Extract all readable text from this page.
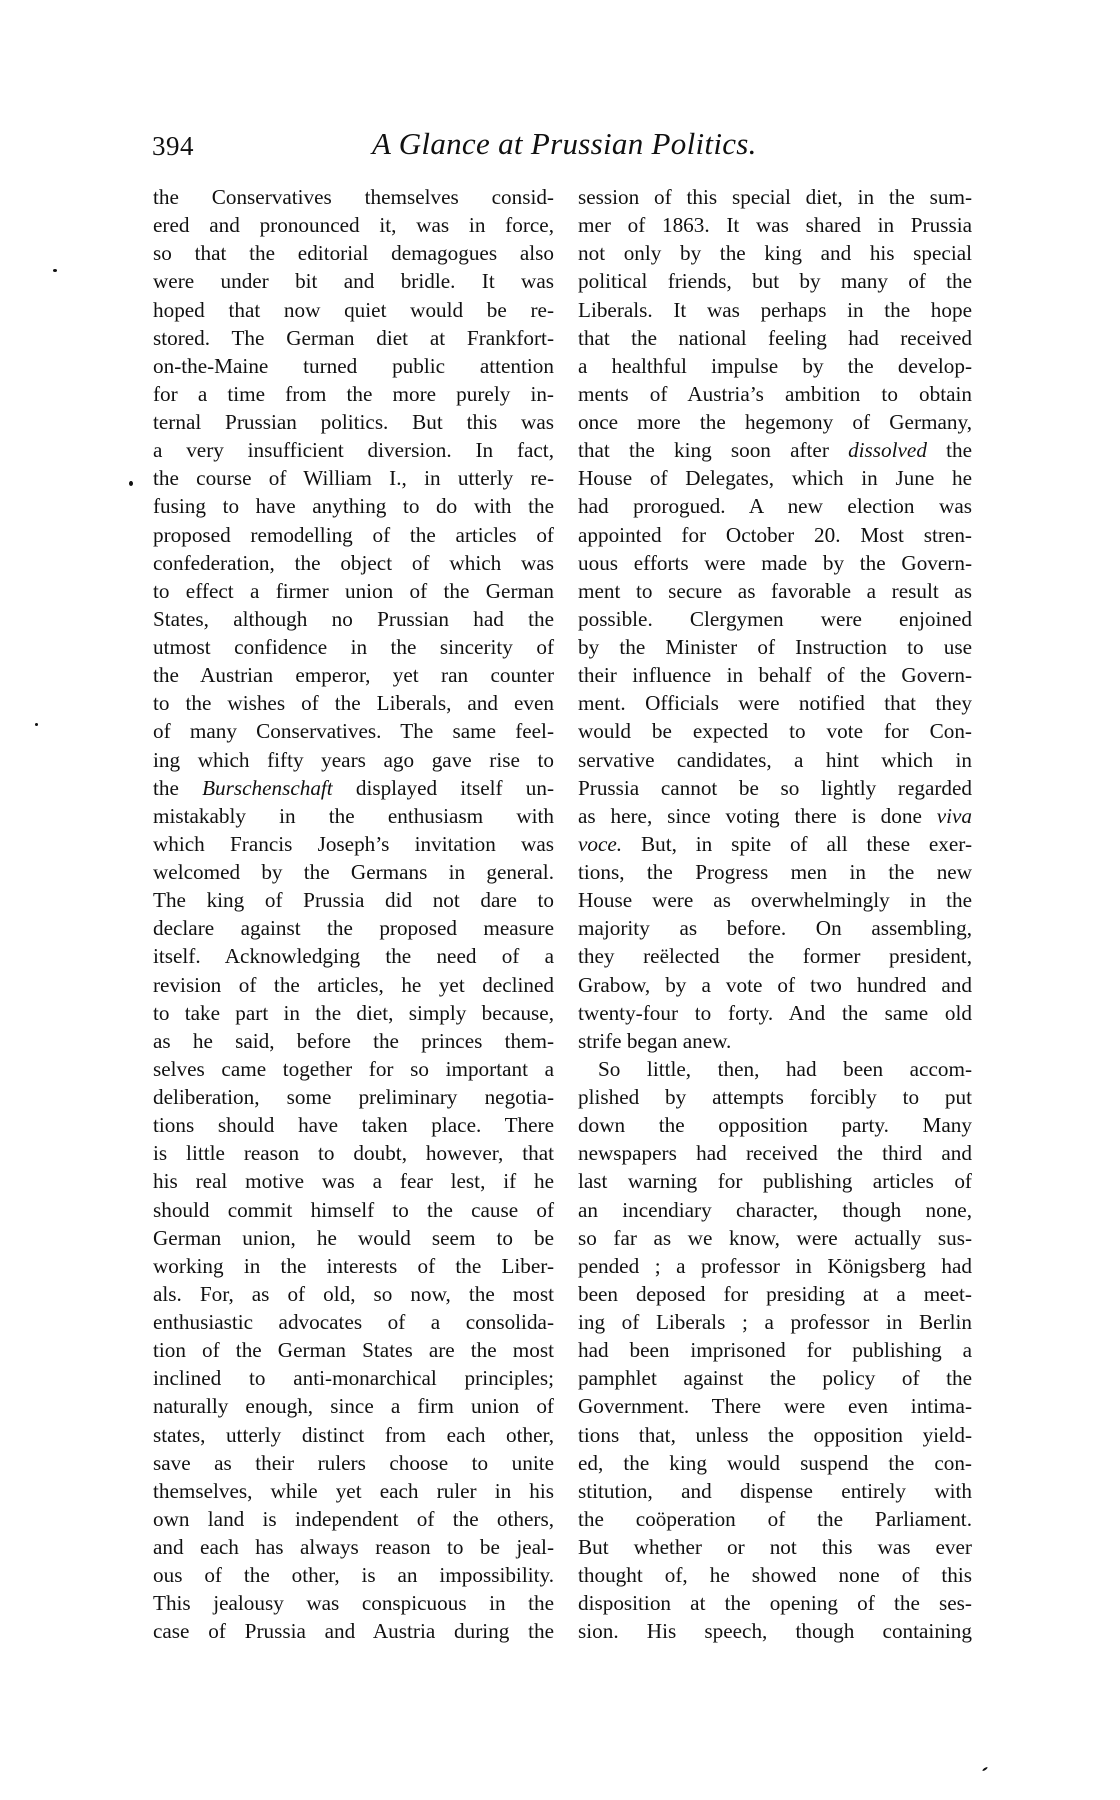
394	A Glance at Prussian Politics.
the Conservatives themselves consid-
ered and pronounced it, was in force,
so that the editorial demagogues also
were under bit and bridle. It was
hoped that now quiet would be re-
stored. The German diet at Frankfort-
on-the-Maine turned public attention
for a time from the more purely in-
ternal Prussian politics. But this was
a very insufficient diversion. In fact,
the course of William I., in utterly re-
fusing to have anything to do with the
proposed remodelling of the articles of
confederation, the object of which was
to effect a firmer union of the German
States, although no Prussian had the
utmost confidence in the sincerity of
the Austrian emperor, yet ran counter
to the wishes of the Liberals, and even
of many Conservatives. The same feel-
ing which fifty years ago gave rise to
the Burschenschaft displayed itself un-
mistakably in the enthusiasm with
which Francis Joseph’s invitation was
welcomed by the Germans in general.
The king of Prussia did not dare to
declare against the proposed measure
itself. Acknowledging the need of a
revision of the articles, he yet declined
to take part in the diet, simply because,
as he said, before the princes them-
selves came together for so important a
deliberation, some preliminary negotia-
tions should have taken place. There
is little reason to doubt, however, that
his real motive was a fear lest, if he
should commit himself to the cause of
German union, he would seem to be
working in the interests of the Liber-
als. For, as of old, so now, the most
enthusiastic advocates of a consolida-
tion of the German States are the most
inclined to anti-monarchical principles;
naturally enough, since a firm union of
states, utterly distinct from each other,
save as their rulers choose to unite
themselves, while yet each ruler in his
own land is independent of the others,
and each has always reason to be jeal-
ous of the other, is an impossibility.
This jealousy was conspicuous in the
case of Prussia and Austria during the
session of this special diet, in the sum-
mer of 1863. It was shared in Prussia
not only by the king and his special
political friends, but by many of the
Liberals. It was perhaps in the hope
that the national feeling had received
a healthful impulse by the develop-
ments of Austria’s ambition to obtain
once more the hegemony of Germany,
that the king soon after dissolved the
House of Delegates, which in June he
had prorogued. A new election was
appointed for October 20. Most stren-
uous efforts were made by the Govern-
ment to secure as favorable a result as
possible. Clergymen were enjoined
by the Minister of Instruction to use
their influence in behalf of the Govern-
ment. Officials were notified that they
would be expected to vote for Con-
servative candidates, a hint which in
Prussia cannot be so lightly regarded
as here, since voting there is done viva
voce. But, in spite of all these exer-
tions, the Progress men in the new
House were as overwhelmingly in the
majority as before. On assembling,
they reëlected the former president,
Grabow, by a vote of two hundred and
twenty-four to forty. And the same old
strife began anew.
So little, then, had been accom-
plished by attempts forcibly to put
down the opposition party. Many
newspapers had received the third and
last warning for publishing articles of
an incendiary character, though none,
so far as we know, were actually sus-
pended ; a professor in Königsberg had
been deposed for presiding at a meet-
ing of Liberals ; a professor in Berlin
had been imprisoned for publishing a
pamphlet against the policy of the
Government. There were even intima-
tions that, unless the opposition yield-
ed, the king would suspend the con-
stitution, and dispense entirely with
the coöperation of the Parliament.
But whether or not this was ever
thought of, he showed none of this
disposition at the opening of the ses-
sion. His speech, though containing
